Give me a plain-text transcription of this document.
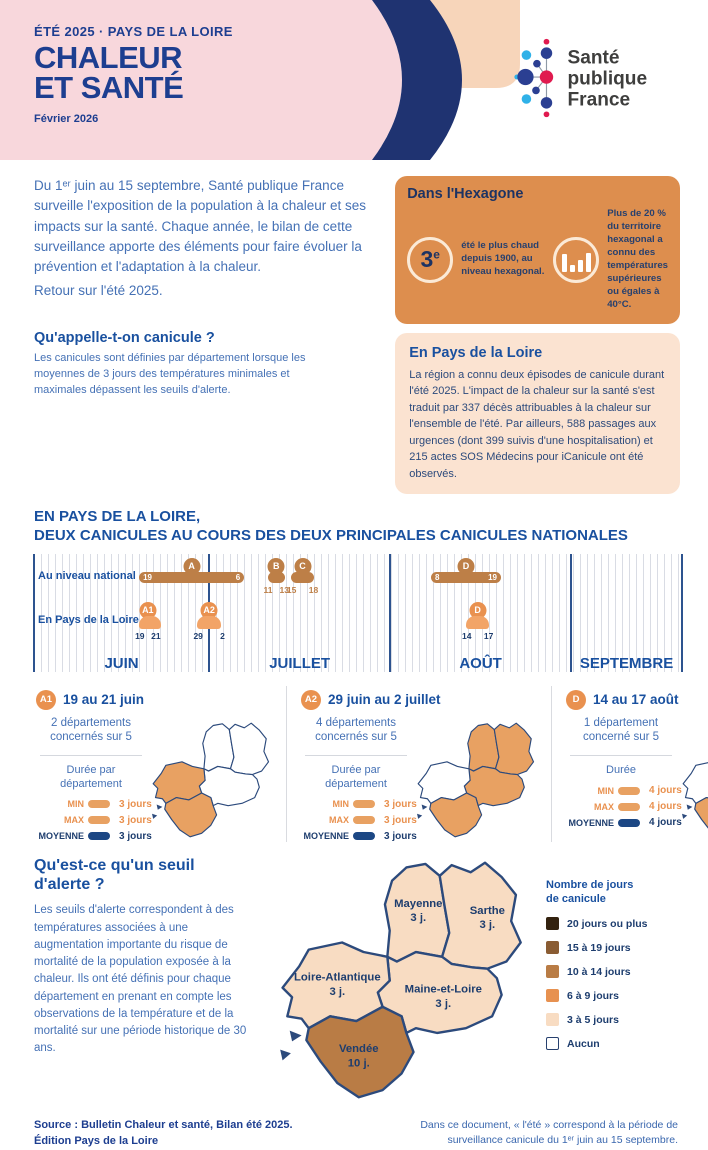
ÉTÉ 2025 · PAYS DE LA LOIRE
CHALEUR
ET SANTÉ
Février 2026
Santé
publique
France

Du 1ᵉʳ juin au 15 septembre, Santé publique France surveille l'exposition de la population à la chaleur et ses impacts sur la santé. Chaque année, le bilan de cette surveillance apporte des éléments pour faire évoluer la prévention et l'adaptation à la chaleur.

Retour sur l'été 2025.

Qu'appelle-t-on canicule ?

Les canicules sont définies par département lorsque les moyennes de 3 jours des températures minimales et maximales dépassent les seuils d'alerte.

Dans l'Hexagone
3e
été le plus chaud depuis 1900, au niveau hexagonal.
Plus de 20 % du territoire hexagonal a connu des températures supérieures ou égales à 40°C.
En Pays de la Loire

La région a connu deux épisodes de canicule durant l'été 2025. L'impact de la chaleur sur la santé s'est traduit par 337 décès attribuables à la chaleur sur l'ensemble de l'été. Par ailleurs, 588 passages aux urgences (dont 399 suivis d'une hospitalisation) et 215 actes SOS Médecins pour iCanicule ont été observés.

EN PAYS DE LA LOIRE,
DEUX CANICULES AU COURS DES DEUX PRINCIPALES CANICULES NATIONALES
JUIN	JUILLET	AOÛT	SEPTEMBRE
Au niveau national
En Pays de la Loire
A
19	6
B
11 13
C
15 18
D
8	19
A1
19 21
A2
29 2
D
14 17
A1 19 au 21 juin
2 départements
concernés sur 5
Durée par département
MIN	3 jours
MAX	3 jours
MOYENNE	3 jours
A2 29 juin au 2 juillet
4 départements
concernés sur 5
Durée par département
MIN	3 jours
MAX	3 jours
MOYENNE	3 jours
D	14 au 17 août
1 département
concerné sur 5
Durée
MIN	4 jours
MAX	4 jours
MOYENNE	4 jours
Qu'est-ce qu'un seuil
d'alerte ?

Les seuils d'alerte correspondent à des températures associées à une augmentation importante du risque de mortalité de la population exposée à la chaleur. Ils ont été définis pour chaque département en prenant en compte les observations de la température et de la mortalité sur une période historique de 30 ans.

Mayenne
3 j.
Sarthe
3 j.
Loire-Atlantique
3 j.	Maine-et-Loire
3 j.
Vendée
10 j.
Nombre de jours
de canicule
20 jours ou plus
15 à 19 jours
10 à 14 jours
6 à 9 jours
3 à 5 jours
Aucun
Source : Bulletin Chaleur et santé, Bilan été 2025.
Édition Pays de la Loire
Dans ce document, « l'été » correspond à la période de
surveillance canicule du 1ᵉʳ juin au 15 septembre.
